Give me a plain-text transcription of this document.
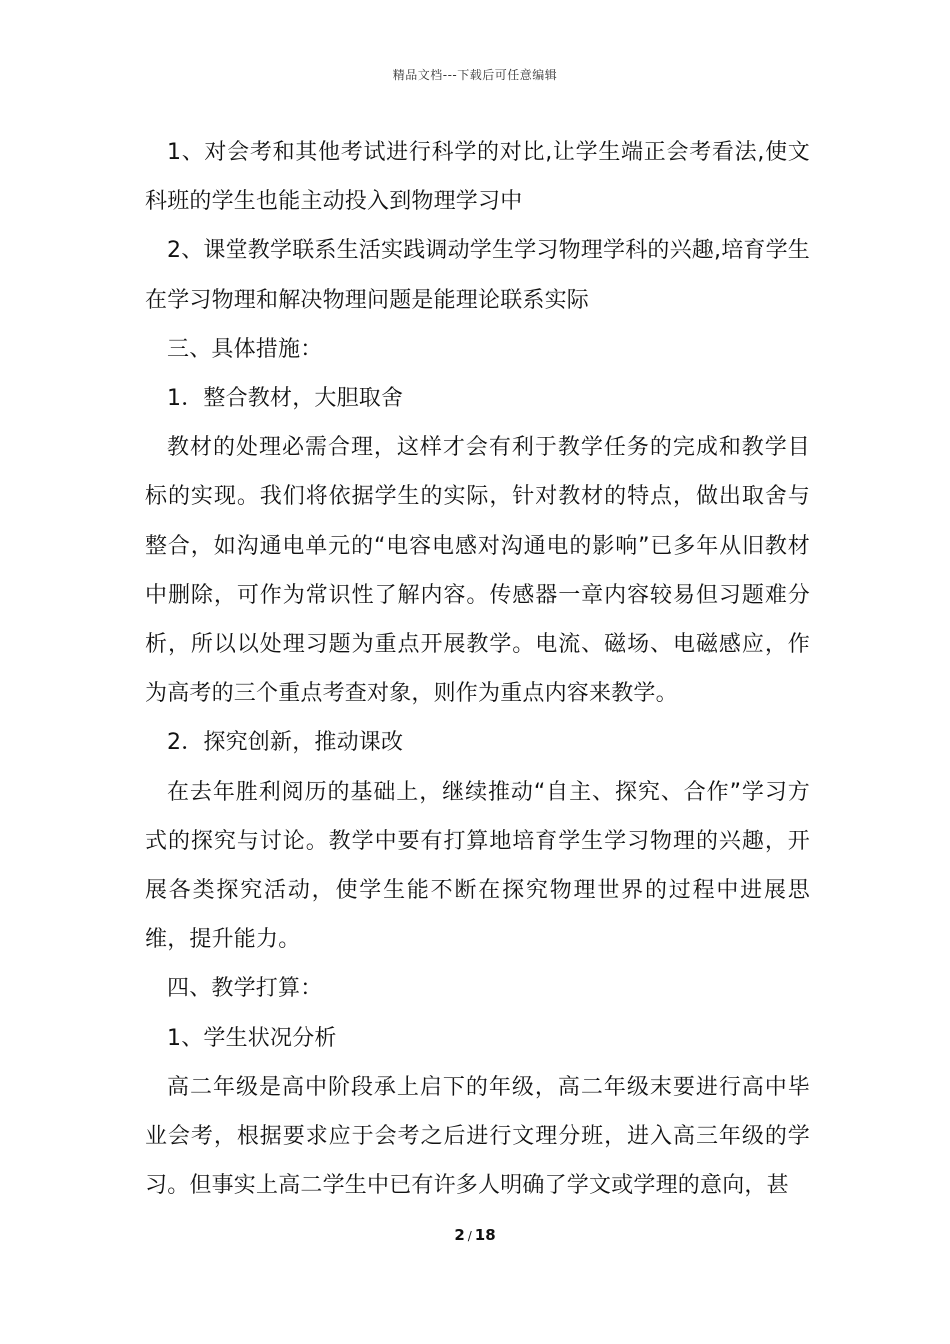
精品文档---下载后可任意编辑

1、对会考和其他考试进行科学的对比,让学生端正会考看法,使文科班的学生也能主动投入到物理学习中

2、课堂教学联系生活实践调动学生学习物理学科的兴趣,培育学生在学习物理和解决物理问题是能理论联系实际

三、具体措施：

1．整合教材，大胆取舍

教材的处理必需合理，这样才会有利于教学任务的完成和教学目标的实现。我们将依据学生的实际，针对教材的特点，做出取舍与整合，如沟通电单元的“电容电感对沟通电的影响”已多年从旧教材中删除，可作为常识性了解内容。传感器一章内容较易但习题难分析，所以以处理习题为重点开展教学。电流、磁场、电磁感应，作为高考的三个重点考查对象，则作为重点内容来教学。

2．探究创新，推动课改

在去年胜利阅历的基础上，继续推动“自主、探究、合作”学习方式的探究与讨论。教学中要有打算地培育学生学习物理的兴趣，开展各类探究活动，使学生能不断在探究物理世界的过程中进展思维，提升能力。

四、教学打算：

1、学生状况分析

高二年级是高中阶段承上启下的年级，高二年级末要进行高中毕业会考，根据要求应于会考之后进行文理分班，进入高三年级的学习。但事实上高二学生中已有许多人明确了学文或学理的意向，甚

2 / 18
